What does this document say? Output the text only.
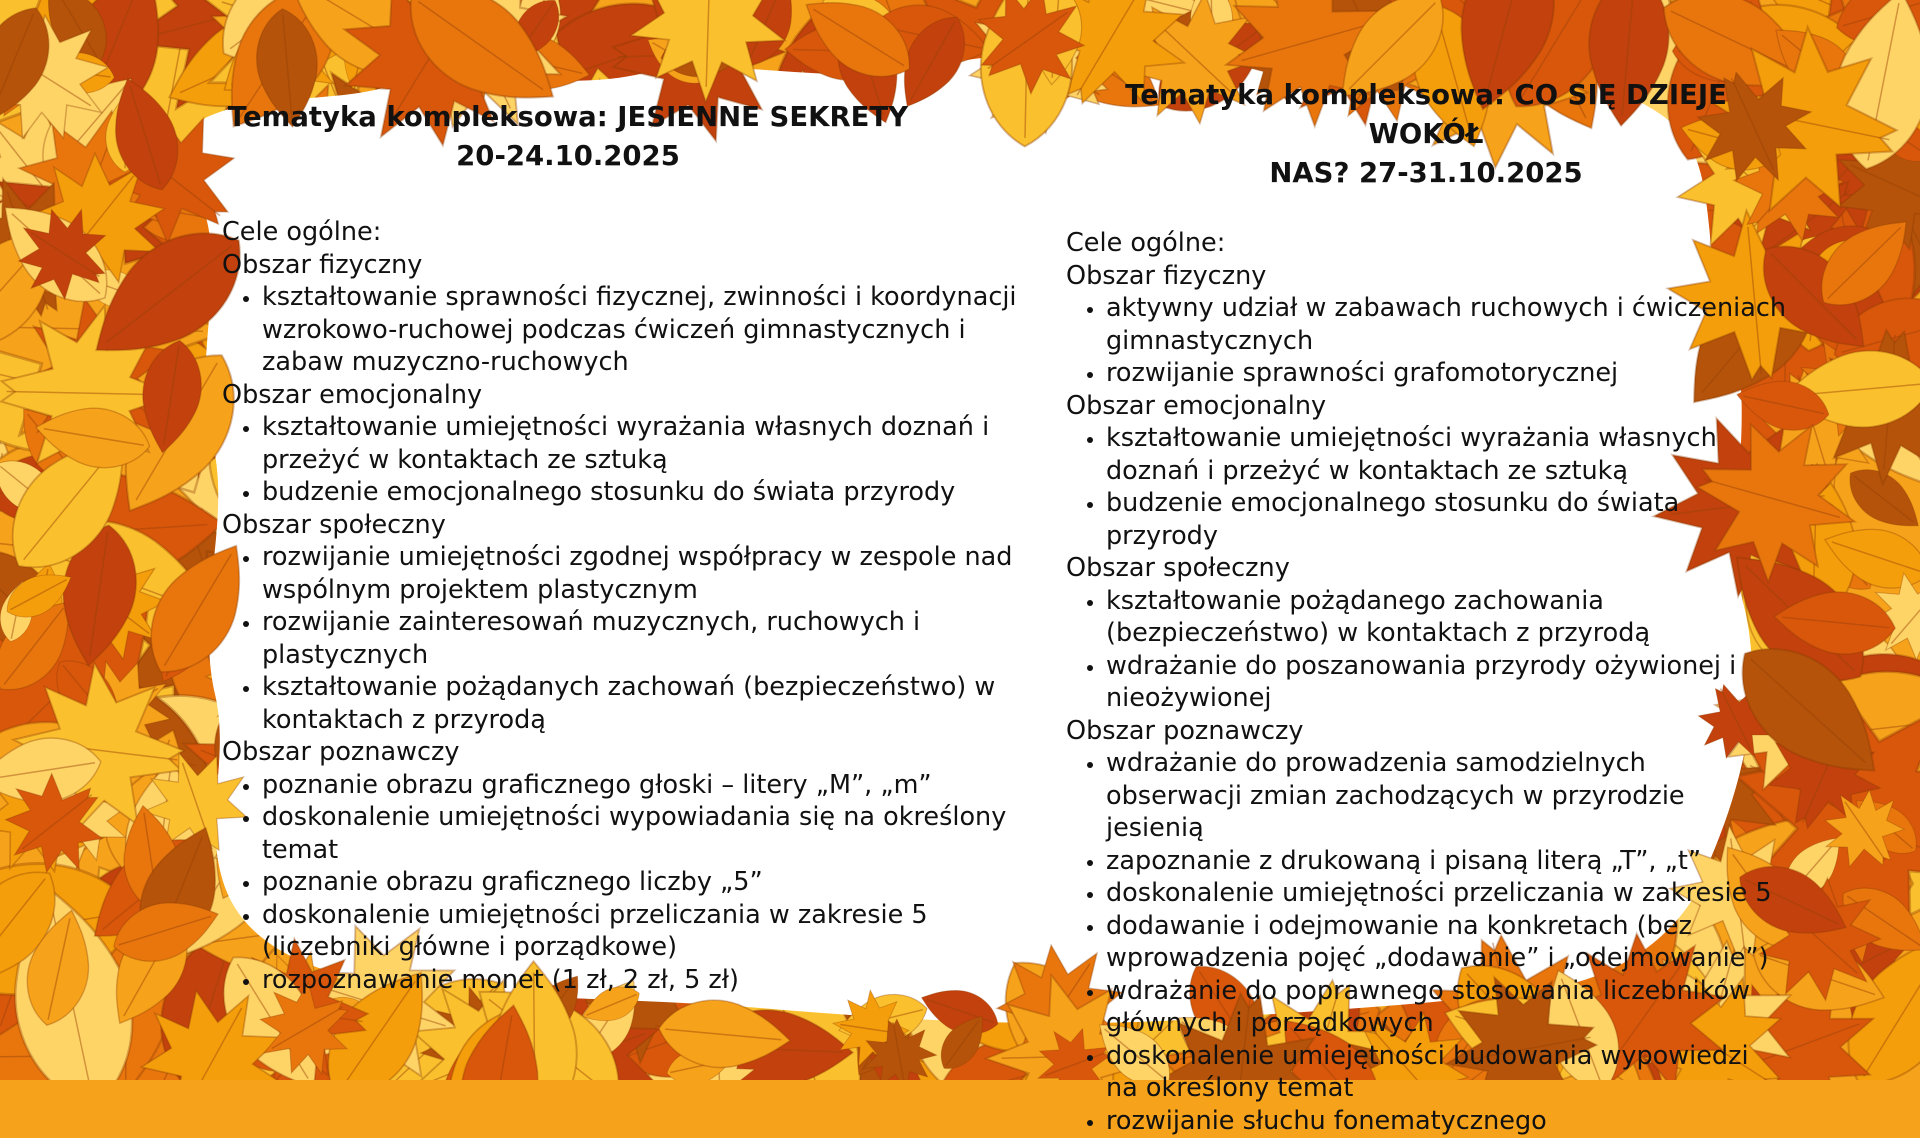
Tematyka kompleksowa: JESIENNE SEKRETY
20-24.10.2025

Cele ogólne:

Obszar fizyczny

• kształtowanie sprawności fizycznej, zwinności i koordynacji wzrokowo-ruchowej podczas ćwiczeń gimnastycznych i zabaw muzyczno-ruchowych

Obszar emocjonalny

• kształtowanie umiejętności wyrażania własnych doznań i przeżyć w kontaktach ze sztuką
• budzenie emocjonalnego stosunku do świata przyrody

Obszar społeczny

• rozwijanie umiejętności zgodnej współpracy w zespole nad wspólnym projektem plastycznym
• rozwijanie zainteresowań muzycznych, ruchowych i plastycznych
• kształtowanie pożądanych zachowań (bezpieczeństwo) w kontaktach z przyrodą

Obszar poznawczy

• poznanie obrazu graficznego głoski – litery „M”, „m”
• doskonalenie umiejętności wypowiadania się na określony temat
• poznanie obrazu graficznego liczby „5”
• doskonalenie umiejętności przeliczania w zakresie 5 (liczebniki główne i porządkowe)
• rozpoznawanie monet (1 zł, 2 zł, 5 zł)
Tematyka kompleksowa: CO SIĘ DZIEJE WOKÓŁ
NAS? 27-31.10.2025

Cele ogólne:

Obszar fizyczny

• aktywny udział w zabawach ruchowych i ćwiczeniach gimnastycznych
• rozwijanie sprawności grafomotorycznej

Obszar emocjonalny

• kształtowanie umiejętności wyrażania własnych doznań i przeżyć w kontaktach ze sztuką
• budzenie emocjonalnego stosunku do świata przyrody

Obszar społeczny

• kształtowanie pożądanego zachowania (bezpieczeństwo) w kontaktach z przyrodą
• wdrażanie do poszanowania przyrody ożywionej i nieożywionej

Obszar poznawczy

• wdrażanie do prowadzenia samodzielnych obserwacji zmian zachodzących w przyrodzie jesienią
• zapoznanie z drukowaną i pisaną literą „T”, „t”
• doskonalenie umiejętności przeliczania w zakresie 5
• dodawanie i odejmowanie na konkretach (bez wprowadzenia pojęć „dodawanie” i „odejmowanie”)
• wdrażanie do poprawnego stosowania liczebników głównych i porządkowych
• doskonalenie umiejętności budowania wypowiedzi na określony temat
• rozwijanie słuchu fonematycznego
